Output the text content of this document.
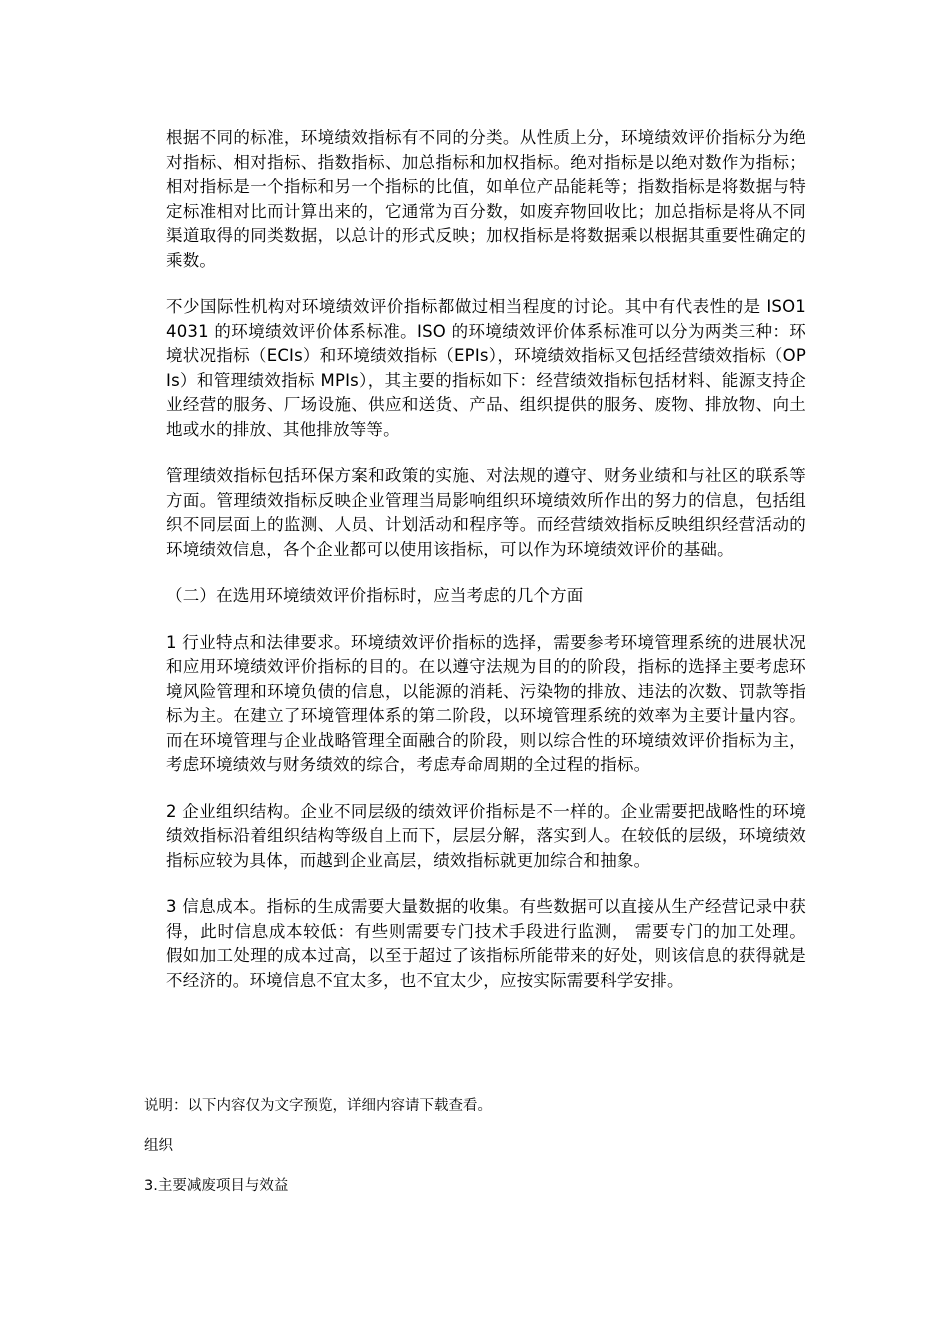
根据不同的标准，环境绩效指标有不同的分类。从性质上分，环境绩效评价指标分为绝对指标、相对指标、指数指标、加总指标和加权指标。绝对指标是以绝对数作为指标；相对指标是一个指标和另一个指标的比值，如单位产品能耗等；指数指标是将数据与特定标准相对比而计算出来的，它通常为百分数，如废弃物回收比；加总指标是将从不同渠道取得的同类数据，以总计的形式反映；加权指标是将数据乘以根据其重要性确定的乘数。

不少国际性机构对环境绩效评价指标都做过相当程度的讨论。其中有代表性的是 ISO14031 的环境绩效评价体系标准。ISO 的环境绩效评价体系标准可以分为两类三种：环境状况指标（ECIs）和环境绩效指标（EPIs），环境绩效指标又包括经营绩效指标（OPIs）和管理绩效指标 MPIs），其主要的指标如下：经营绩效指标包括材料、能源支持企业经营的服务、厂场设施、供应和送货、产品、组织提供的服务、废物、排放物、向土地或水的排放、其他排放等等。

管理绩效指标包括环保方案和政策的实施、对法规的遵守、财务业绩和与社区的联系等方面。管理绩效指标反映企业管理当局影响组织环境绩效所作出的努力的信息，包括组织不同层面上的监测、人员、计划活动和程序等。而经营绩效指标反映组织经营活动的环境绩效信息，各个企业都可以使用该指标，可以作为环境绩效评价的基础。

（二）在选用环境绩效评价指标时，应当考虑的几个方面

1 行业特点和法律要求。环境绩效评价指标的选择，需要参考环境管理系统的进展状况和应用环境绩效评价指标的目的。在以遵守法规为目的的阶段，指标的选择主要考虑环境风险管理和环境负债的信息，以能源的消耗、污染物的排放、违法的次数、罚款等指标为主。在建立了环境管理体系的第二阶段，以环境管理系统的效率为主要计量内容。而在环境管理与企业战略管理全面融合的阶段，则以综合性的环境绩效评价指标为主，考虑环境绩效与财务绩效的综合，考虑寿命周期的全过程的指标。

2 企业组织结构。企业不同层级的绩效评价指标是不一样的。企业需要把战略性的环境绩效指标沿着组织结构等级自上而下，层层分解，落实到人。在较低的层级，环境绩效指标应较为具体，而越到企业高层，绩效指标就更加综合和抽象。

3 信息成本。指标的生成需要大量数据的收集。有些数据可以直接从生产经营记录中获得，此时信息成本较低：有些则需要专门技术手段进行监测， 需要专门的加工处理。假如加工处理的成本过高，以至于超过了该指标所能带来的好处，则该信息的获得就是不经济的。环境信息不宜太多，也不宜太少，应按实际需要科学安排。

说明：以下内容仅为文字预览，详细内容请下载查看。
组织
3.主要减废项目与效益
